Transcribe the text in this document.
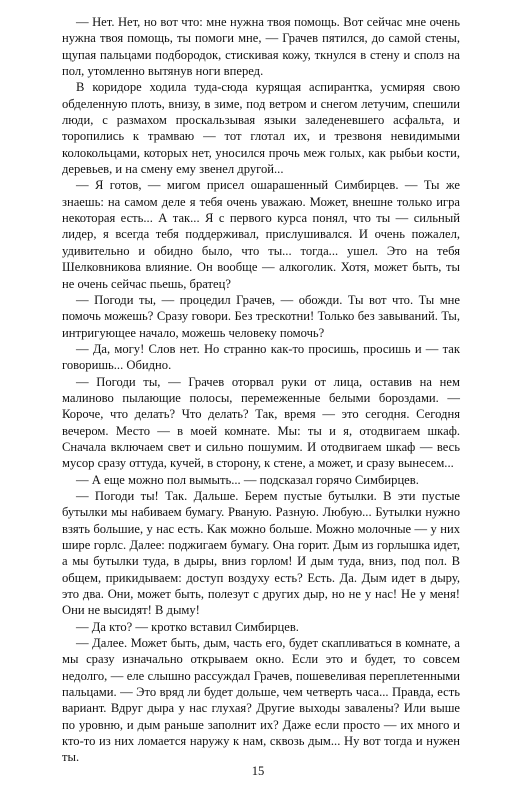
— Нет. Нет, но вот что: мне нужна твоя помощь. Вот сейчас мне очень нужна твоя помощь, ты помоги мне, — Грачев пятился, до самой стены, щупая пальцами подбородок, стискивая кожу, ткнулся в стену и сполз на пол, утомленно вытянув ноги вперед.

В коридоре ходила туда-сюда курящая аспирантка, усмиряя свою обделенную плоть, внизу, в зиме, под ветром и снегом летучим, спешили люди, с размахом проскальзывая языки заледеневшего асфальта, и торопились к трамваю — тот глотал их, и трезвоня невидимыми колокольцами, которых нет, уносился прочь меж голых, как рыбьи кости, деревьев, и на смену ему звенел другой...

— Я готов, — мигом присел ошарашенный Симбирцев. — Ты же знаешь: на самом деле я тебя очень уважаю. Может, внешне только игра некоторая есть... А так... Я с первого курса понял, что ты — сильный лидер, я всегда тебя поддерживал, прислушивался. И очень пожалел, удивительно и обидно было, что ты... тогда... ушел. Это на тебя Шелковникова влияние. Он вообще — алкоголик. Хотя, может быть, ты не очень сейчас пьешь, братец?

— Погоди ты, — процедил Грачев, — обожди. Ты вот что. Ты мне помочь можешь? Сразу говори. Без трескотни! Только без завываний. Ты, интригующее начало, можешь человеку помочь?

— Да, могу! Слов нет. Но странно как-то просишь, просишь и — так говоришь... Обидно.

— Погоди ты, — Грачев оторвал руки от лица, оставив на нем малиново пылающие полосы, перемеженные белыми бороздами. — Короче, что делать? Что делать? Так, время — это сегодня. Сегодня вечером. Место — в моей комнате. Мы: ты и я, отодвигаем шкаф. Сначала включаем свет и сильно пошумим. И отодвигаем шкаф — весь мусор сразу оттуда, кучей, в сторону, к стене, а может, и сразу вынесем...

— А еще можно пол вымыть... — подсказал горячо Симбирцев.

— Погоди ты! Так. Дальше. Берем пустые бутылки. В эти пустые бутылки мы набиваем бумагу. Рваную. Разную. Любую... Бутылки нужно взять большие, у нас есть. Как можно больше. Можно молочные — у них шире горлс. Далее: поджигаем бумагу. Она горит. Дым из горлышка идет, а мы бутылки туда, в дыры, вниз горлом! И дым туда, вниз, под пол. В общем, прикидываем: доступ воздуху есть? Есть. Да. Дым идет в дыру, это два. Они, может быть, полезут с других дыр, но не у нас! Не у меня! Они не высидят! В дыму!

— Да кто? — кротко вставил Симбирцев.

— Далее. Может быть, дым, часть его, будет скапливаться в комнате, а мы сразу изначально открываем окно. Если это и будет, то совсем недолго, — еле слышно рассуждал Грачев, пошевеливая переплетенными пальцами. — Это вряд ли будет дольше, чем четверть часа... Правда, есть вариант. Вдруг дыра у нас глухая? Другие выходы завалены? Или выше по уровню, и дым раньше заполнит их? Даже если просто — их много и кто-то из них ломается наружу к нам, сквозь дым... Ну вот тогда и нужен ты.

15
